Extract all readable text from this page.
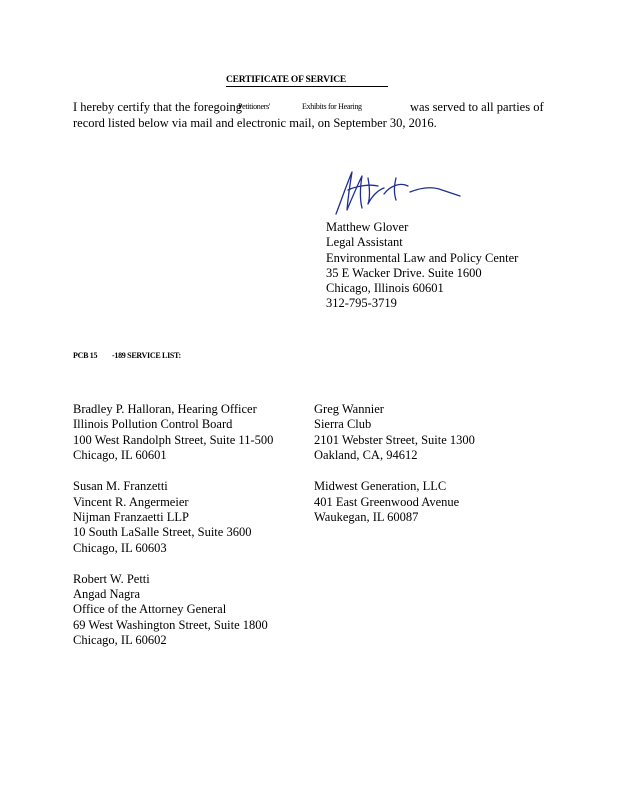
CERTIFICATE OF SERVICE
I hereby certify that the foregoing
Petitioners'	Exhibits for Hearing	was served to all parties of
record listed below via mail and electronic mail, on September 30, 2016.
Matthew Glover
Legal Assistant
Environmental Law and Policy Center
35 E Wacker Drive. Suite 1600
Chicago, Illinois 60601
312-795-3719
PCB 15 -189 SERVICE LIST:
Bradley P. Halloran, Hearing Officer
Illinois Pollution Control Board
100 West Randolph Street, Suite 11-500
Chicago, IL 60601
Susan M. Franzetti
Vincent R. Angermeier
Nijman Franzaetti LLP
10 South LaSalle Street, Suite 3600
Chicago, IL 60603
Robert W. Petti
Angad Nagra
Office of the Attorney General
69 West Washington Street, Suite 1800
Chicago, IL 60602
Greg Wannier
Sierra Club
2101 Webster Street, Suite 1300
Oakland, CA, 94612
Midwest Generation, LLC
401 East Greenwood Avenue
Waukegan, IL 60087
